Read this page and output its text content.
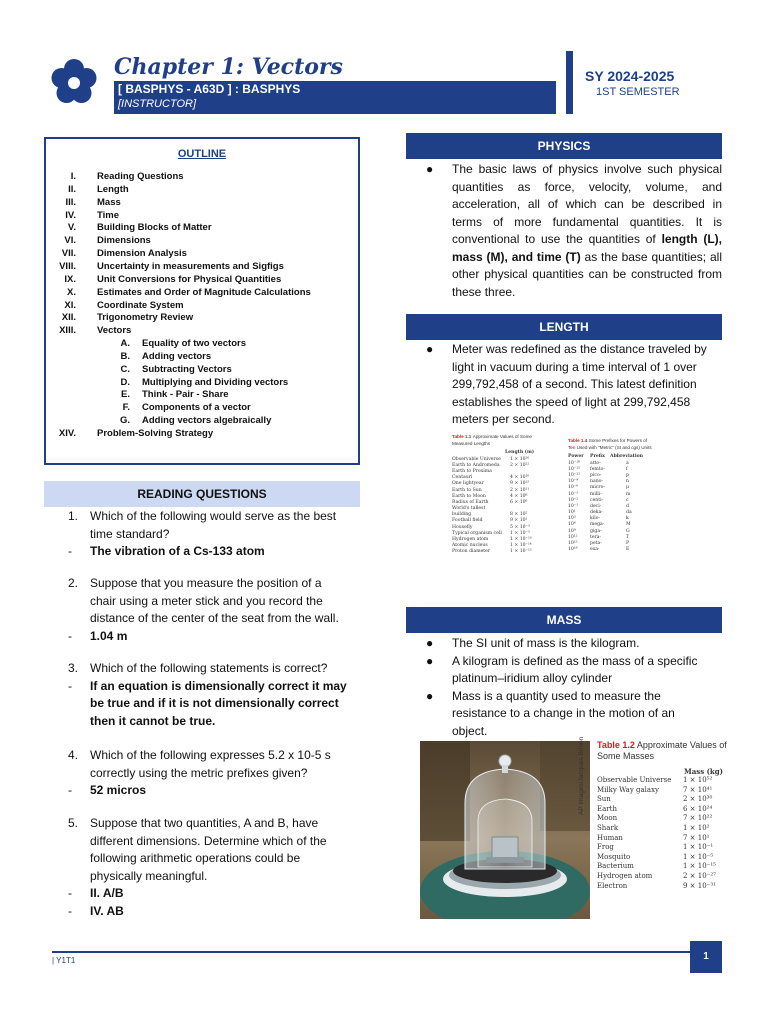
Chapter 1: Vectors
[ BASPHYS - A63D ] : BASPHYS
[INSTRUCTOR]
SY 2024-2025
1ST SEMESTER
OUTLINE
I. Reading Questions
II. Length
III. Mass
IV. Time
V. Building Blocks of Matter
VI. Dimensions
VII. Dimension Analysis
VIII. Uncertainty in measurements and Sigfigs
IX. Unit Conversions for Physical Quantities
X. Estimates and Order of Magnitude Calculations
XI. Coordinate System
XII. Trigonometry Review
XIII. Vectors
A. Equality of two vectors
B. Adding vectors
C. Subtracting Vectors
D. Multiplying and Dividing vectors
E. Think - Pair - Share
F. Components of a vector
G. Adding vectors algebraically
XIV. Problem-Solving Strategy
READING QUESTIONS
1. Which of the following would serve as the best
time standard?
- The vibration of a Cs-133 atom
2. Suppose that you measure the position of a
chair using a meter stick and you record the
distance of the center of the seat from the wall.
- 1.04 m
3. Which of the following statements is correct?
- If an equation is dimensionally correct it may
be true and if it is not dimensionally correct
then it cannot be true.
4. Which of the following expresses 5.2 x 10-5 s
correctly using the metric prefixes given?
- 52 micros
5. Suppose that two quantities, A and B, have
different dimensions. Determine which of the
following arithmetic operations could be
physically meaningful.
- II. A/B
- IV. AB
PHYSICS
● The basic laws of physics involve such physical quantities as force, velocity, volume, and acceleration, all of which can be described in terms of more fundamental quantities. It is conventional to use the quantities of length (L), mass (M), and time (T) as the base quantities; all other physical quantities can be constructed from these three.
LENGTH
● Meter was redefined as the distance traveled by
light in vacuum during a time interval of 1 over
299,792,458 of a second. This latest definition
establishes the speed of light at 299,792,458
meters per second.
Table 1.1 Approximate Values of Some Measured Lengths
Length (m)
Observable Universe 1 × 10²⁶
Earth to Andromeda 2 × 10²²
Earth to Proxima
Centauri	4 × 10¹⁶
One lightyear	9 × 10¹⁵
Earth to Sun	2 × 10¹¹
Earth to Moon	4 × 10⁸
Radius of Earth	6 × 10⁶
World's tallest
building	8 × 10²
Football field	9 × 10¹
Housefly	5 × 10⁻³
Typical organism cell 1 × 10⁻⁵
Hydrogen atom	1 × 10⁻¹⁰
Atomic nucleus	1 × 10⁻¹⁴
Proton diameter	1 × 10⁻¹⁵
Table 1.4 Some Prefixes for Powers of Ten Used with "Metric" (SI and cgs) Units
Power Prefix Abbreviation
10⁻¹⁸ atto-	a
10⁻¹⁵ femto-	f
10⁻¹² pico-	p
10⁻⁹	nano-	n
10⁻⁶	micro-	μ
10⁻³	milli-	m
10⁻²	centi-	c
10⁻¹	deci-	d
10¹	deka-	da
10³	kilo-	k
10⁶	mega-	M
10⁹	giga-	G
10¹²	tera-	T
10¹⁵	peta-	P
10¹⁸	exa-	E
MASS
● The SI unit of mass is the kilogram.
● A kilogram is defined as the mass of a specific
platinum–iridium alloy cylinder
● Mass is a quantity used to measure the
resistance to a change in the motion of an
object.
AP Images/Jacques Brinon Table 1.2 Approximate Values of Some Masses
Mass (kg)
Observable Universe 1 × 10⁵²
Milky Way galaxy	7 × 10⁴¹
Sun	2 × 10³⁰
Earth	6 × 10²⁴
Moon	7 × 10²²
Shark	1 × 10²
Human	7 × 10¹
Frog	1 × 10⁻¹
Mosquito	1 × 10⁻⁵
Bacterium	1 × 10⁻¹⁵
Hydrogen atom	2 × 10⁻²⁷
Electron	9 × 10⁻³¹
| Y1T1	1
